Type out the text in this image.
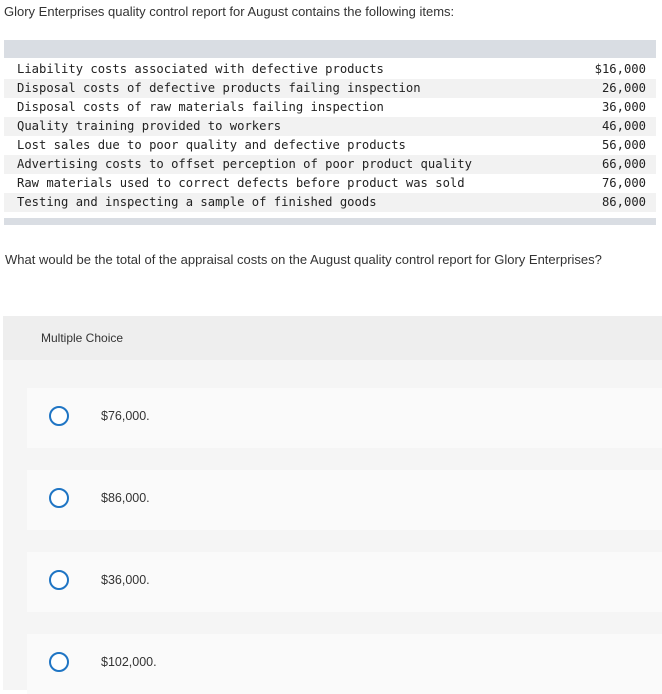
Glory Enterprises quality control report for August contains the following items:
Liability costs associated with defective products	$16,000
Disposal costs of defective products failing inspection	26,000
Disposal costs of raw materials failing inspection	36,000
Quality training provided to workers	46,000
Lost sales due to poor quality and defective products	56,000
Advertising costs to offset perception of poor product quality	66,000
Raw materials used to correct defects before product was sold	76,000
Testing and inspecting a sample of finished goods	86,000
What would be the total of the appraisal costs on the August quality control report for Glory Enterprises?
Multiple Choice
$76,000.
$86,000.
$36,000.
$102,000.
